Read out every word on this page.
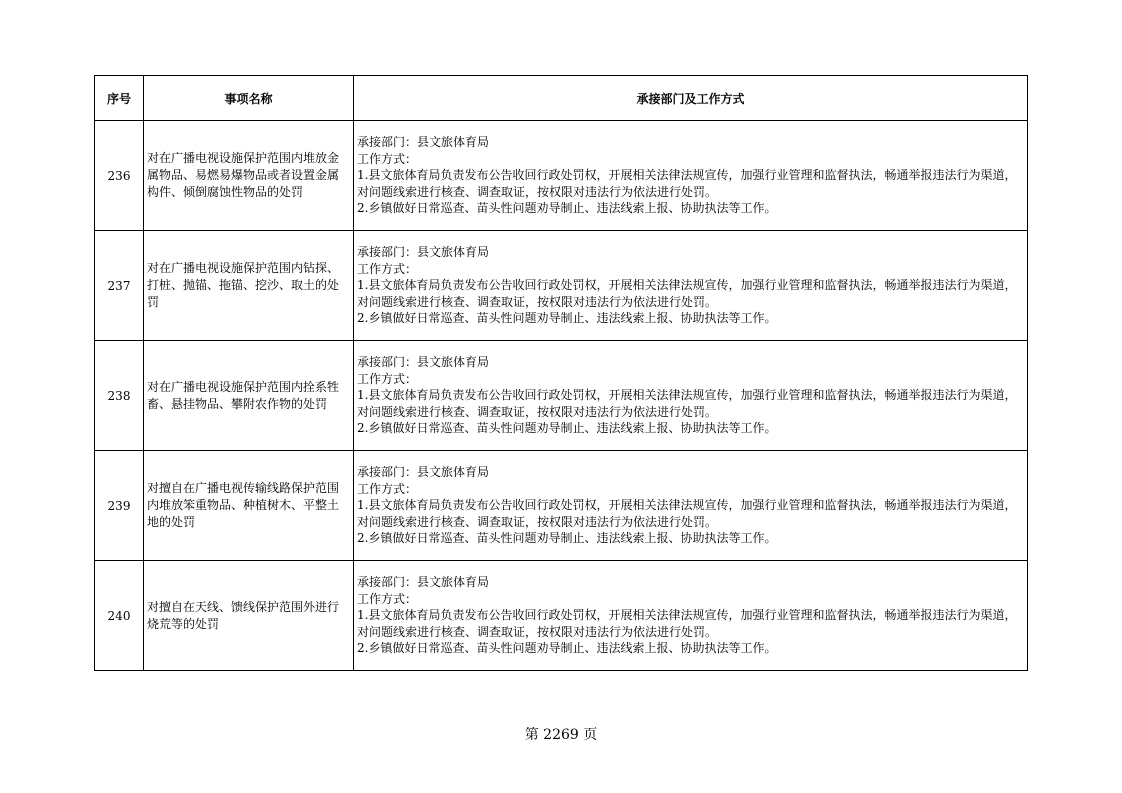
序号	事项名称	承接部门及工作方式
236	对在广播电视设施保护范围内堆放金属物品、易燃易爆物品或者设置金属构件、倾倒腐蚀性物品的处罚	承接部门：县文旅体育局
工作方式：
1.县文旅体育局负责发布公告收回行政处罚权，开展相关法律法规宣传，加强行业管理和监督执法，畅通举报违法行为渠道，对问题线索进行核查、调查取证，按权限对违法行为依法进行处罚。
2.乡镇做好日常巡查、苗头性问题劝导制止、违法线索上报、协助执法等工作。

237	对在广播电视设施保护范围内钻探、打桩、抛锚、拖锚、挖沙、取土的处罚	承接部门：县文旅体育局
工作方式：
1.县文旅体育局负责发布公告收回行政处罚权，开展相关法律法规宣传，加强行业管理和监督执法，畅通举报违法行为渠道，对问题线索进行核查、调查取证，按权限对违法行为依法进行处罚。
2.乡镇做好日常巡查、苗头性问题劝导制止、违法线索上报、协助执法等工作。

238	对在广播电视设施保护范围内拴系牲畜、悬挂物品、攀附农作物的处罚	承接部门：县文旅体育局
工作方式：
1.县文旅体育局负责发布公告收回行政处罚权，开展相关法律法规宣传，加强行业管理和监督执法，畅通举报违法行为渠道，对问题线索进行核查、调查取证，按权限对违法行为依法进行处罚。
2.乡镇做好日常巡查、苗头性问题劝导制止、违法线索上报、协助执法等工作。

239	对擅自在广播电视传输线路保护范围内堆放笨重物品、种植树木、平整土地的处罚	承接部门：县文旅体育局
工作方式：
1.县文旅体育局负责发布公告收回行政处罚权，开展相关法律法规宣传，加强行业管理和监督执法，畅通举报违法行为渠道，对问题线索进行核查、调查取证，按权限对违法行为依法进行处罚。
2.乡镇做好日常巡查、苗头性问题劝导制止、违法线索上报、协助执法等工作。

240	对擅自在天线、馈线保护范围外进行烧荒等的处罚	承接部门：县文旅体育局
工作方式：
1.县文旅体育局负责发布公告收回行政处罚权，开展相关法律法规宣传，加强行业管理和监督执法，畅通举报违法行为渠道，对问题线索进行核查、调查取证，按权限对违法行为依法进行处罚。
2.乡镇做好日常巡查、苗头性问题劝导制止、违法线索上报、协助执法等工作。
第 2269 页
